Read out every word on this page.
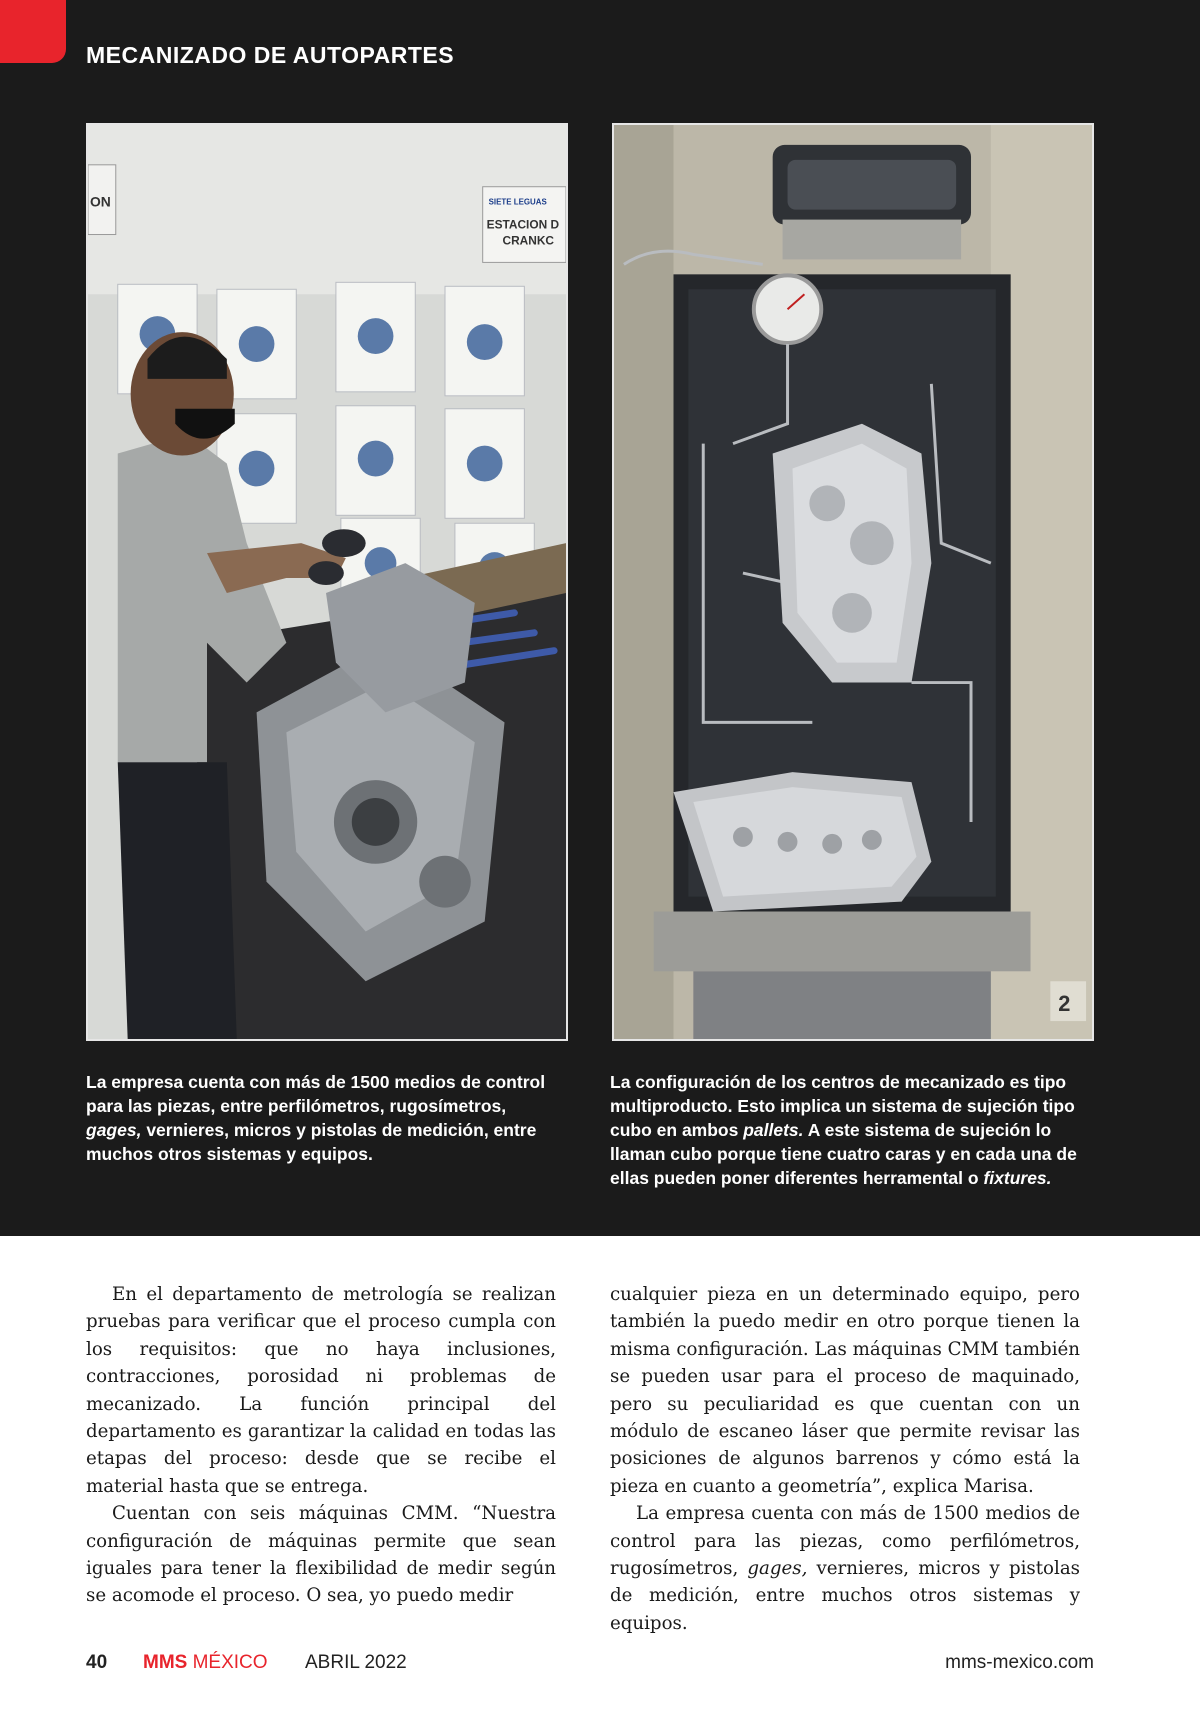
MECANIZADO DE AUTOPARTES
ON	SIETE LEGUAS
ESTACION D
CRANKC
2
La empresa cuenta con más de 1500 medios de control para las piezas, entre perfilómetros, rugosímetros, gages, vernieres, micros y pistolas de medición, entre muchos otros sistemas y equipos.
La configuración de los centros de mecanizado es tipo multiproducto. Esto implica un sistema de sujeción tipo cubo en ambos pallets. A este sistema de sujeción lo llaman cubo porque tiene cuatro caras y en cada una de ellas pueden poner diferentes herramental o fixtures.

En el departamento de metrología se realizan pruebas para verificar que el proceso cumpla con los requisitos: que no haya inclusiones, contracciones, porosidad ni problemas de mecanizado. La función principal del departamento es garantizar la calidad en todas las etapas del proceso: desde que se recibe el material hasta que se entrega.

Cuentan con seis máquinas CMM. “Nuestra configuración de máquinas permite que sean iguales para tener la flexibilidad de medir según se acomode el proceso. O sea, yo puedo medir

cualquier pieza en un determinado equipo, pero también la puedo medir en otro porque tienen la misma configuración. Las máquinas CMM también se pueden usar para el proceso de maquinado, pero su peculiaridad es que cuentan con un módulo de escaneo láser que permite revisar las posiciones de algunos barrenos y cómo está la pieza en cuanto a geometría”, explica Marisa.

La empresa cuenta con más de 1500 medios de control para las piezas, como perfilómetros, rugosímetros, gages, vernieres, micros y pistolas de medición, entre muchos otros sistemas y equipos.

40 MMS MÉXICO ABRIL 2022	mms-mexico.com
